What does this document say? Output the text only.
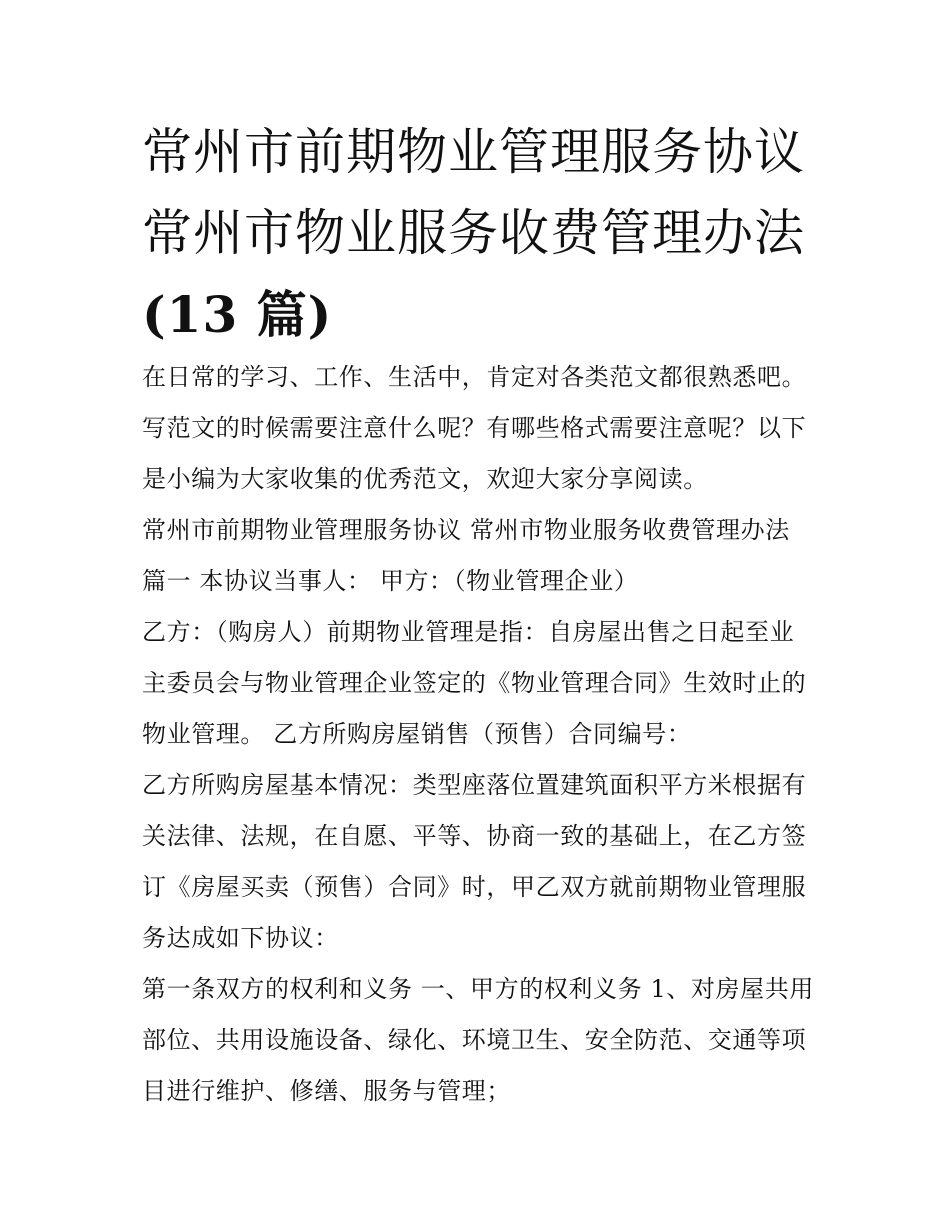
常州市前期物业管理服务协议
常州市物业服务收费管理办法
(13 篇)

在日常的学习、工作、生活中，肯定对各类范文都很熟悉吧。
写范文的时候需要注意什么呢？有哪些格式需要注意呢？以下
是小编为大家收集的优秀范文，欢迎大家分享阅读。

常州市前期物业管理服务协议 常州市物业服务收费管理办法

篇一 本协议当事人： 甲方：（物业管理企业）

乙方：（购房人）前期物业管理是指：自房屋出售之日起至业
主委员会与物业管理企业签定的《物业管理合同》生效时止的
物业管理。 乙方所购房屋销售（预售）合同编号：

乙方所购房屋基本情况：类型座落位置建筑面积平方米根据有
关法律、法规，在自愿、平等、协商一致的基础上，在乙方签
订《房屋买卖（预售）合同》时，甲乙双方就前期物业管理服
务达成如下协议：

第一条双方的权利和义务 一、甲方的权利义务 1、对房屋共用
部位、共用设施设备、绿化、环境卫生、安全防范、交通等项
目进行维护、修缮、服务与管理；
